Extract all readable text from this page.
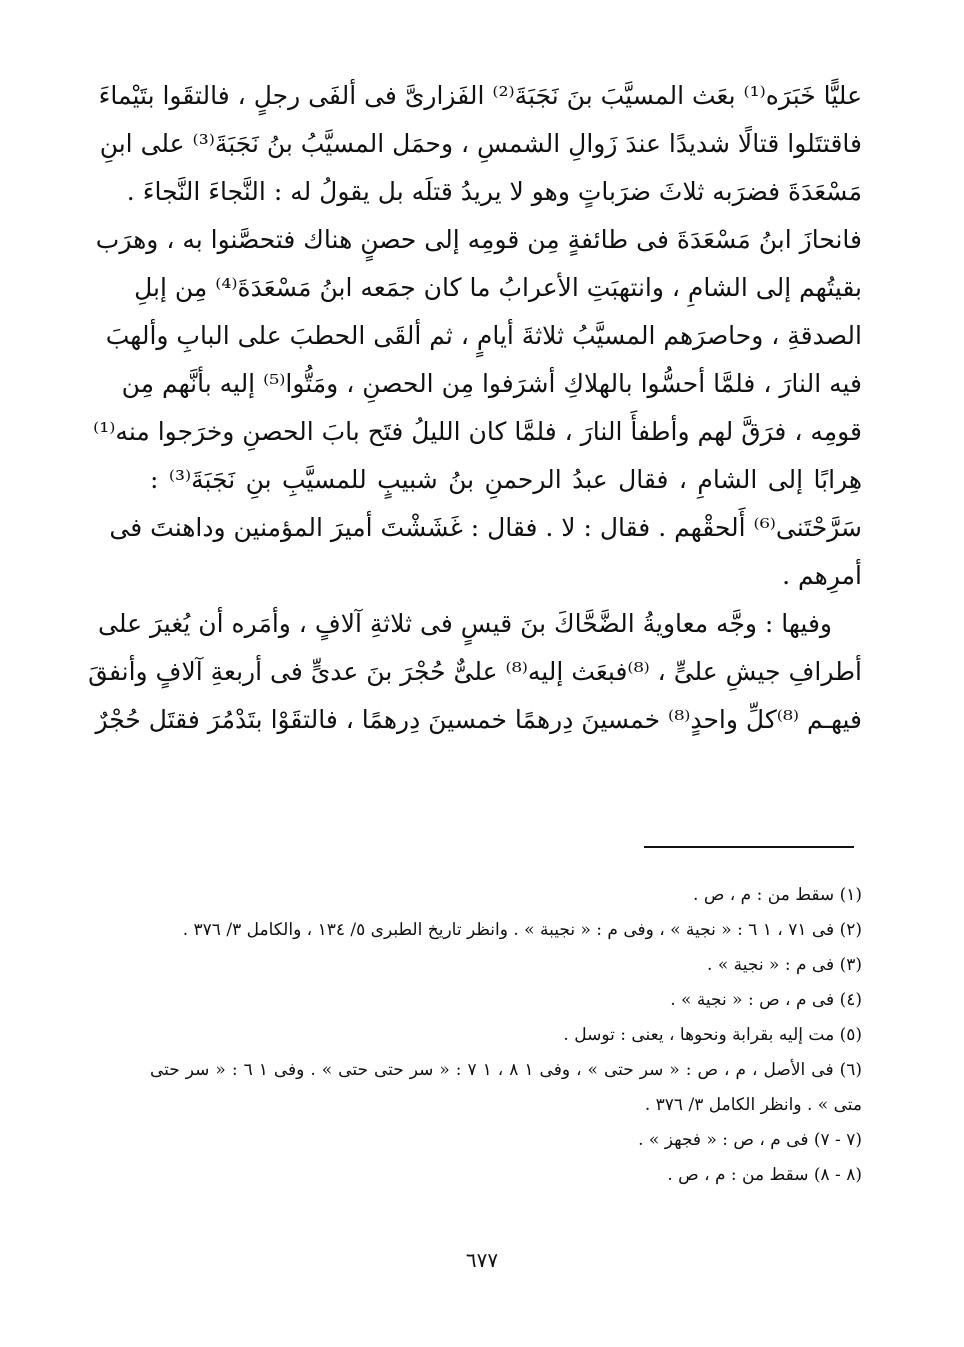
عليًّا خَبَرَه⁽¹⁾ بعَث المسيَّبَ بنَ نَجَبَةَ⁽²⁾ الفَزارىَّ فى ألفَى رجلٍ ، فالتقَوا بتَيْماءَ
فاقتتَلوا قتالًا شديدًا عندَ زَوالِ الشمسِ ، وحمَل المسيَّبُ بنُ نَجَبَةَ⁽³⁾ على ابنِ
مَسْعَدَةَ فضرَبه ثلاثَ ضرَباتٍ وهو لا يريدُ قتلَه بل يقولُ له : النَّجاءَ النَّجاءَ .
فانحازَ ابنُ مَسْعَدَةَ فى طائفةٍ مِن قومِه إلى حصنٍ هناك فتحصَّنوا به ، وهرَب
بقيتُهم إلى الشامِ ، وانتهبَتِ الأعرابُ ما كان جمَعه ابنُ مَسْعَدَةَ⁽⁴⁾ مِن إبلِ
الصدقةِ ، وحاصرَهم المسيَّبُ ثلاثةَ أيامٍ ، ثم ألقَى الحطبَ على البابِ وألهبَ
فيه النارَ ، فلمَّا أحسُّوا بالهلاكِ أشرَفوا مِن الحصنِ ، ومَتُّوا⁽⁵⁾ إليه بأنَّهم مِن
قومِه ، فرَقَّ لهم وأطفأَ النارَ ، فلمَّا كان الليلُ فتَح بابَ الحصنِ وخرَجوا منه⁽¹⁾
هِرابًا إلى الشامِ ، فقال عبدُ الرحمنِ بنُ شبيبٍ للمسيَّبِ بنِ نَجَبَةَ⁽³⁾ :
سَرَّحْتَنى⁽⁶⁾ أَلحقْهم . فقال : لا . فقال : غَشَشْتَ أميرَ المؤمنين وداهنتَ فى
أمرِهم .
وفيها : وجَّه معاويةُ الضَّحَّاكَ بنَ قيسٍ فى ثلاثةِ آلافٍ ، وأمَره أن يُغيرَ على
أطرافِ جيشِ علىٍّ ، ⁽⁸⁾فبعَث إليه⁽⁸⁾ علىٌّ حُجْرَ بنَ عدىٍّ فى أربعةِ آلافٍ وأنفقَ
فيهـم ⁽⁸⁾كلِّ واحدٍ⁽⁸⁾ خمسينَ دِرهمًا خمسينَ دِرهمًا ، فالتقَوْا بتَدْمُرَ فقتَل حُجْرٌ
(١) سقط من : م ، ص .
(٢) فى ٧١ ، ١ ٦ : « نجية » ، وفى م : « نجيبة » . وانظر تاريخ الطبرى ٥/ ١٣٤ ، والكامل ٣/ ٣٧٦ .
(٣) فى م : « نجية » .
(٤) فى م ، ص : « نجية » .
(٥) مت إليه بقرابة ونحوها ، يعنى : توسل .
(٦) فى الأصل ، م ، ص : « سر حتى » ، وفى ١ ٨ ، ١ ٧ : « سر حتى حتى » . وفى ١ ٦ : « سر حتى
متى » . وانظر الكامل ٣/ ٣٧٦ .
(٧ - ٧) فى م ، ص : « فجهز » .
(٨ - ٨) سقط من : م ، ص .
٦٧٧
